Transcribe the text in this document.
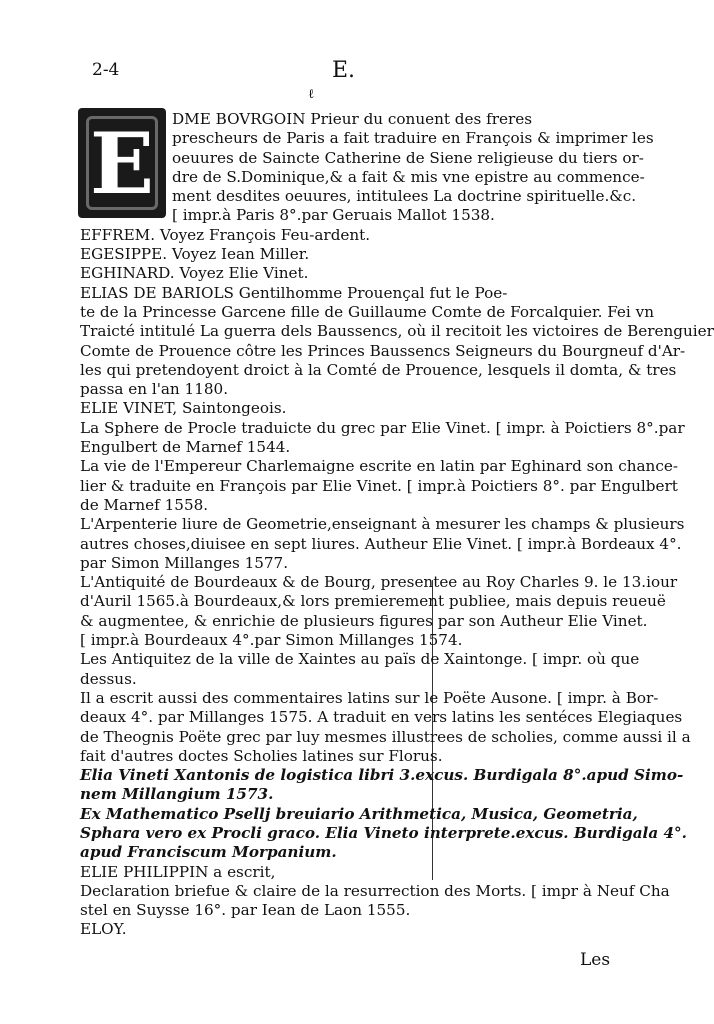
2-4	E.
ℓ
E	DME BOVRGOIN Prieur du conuent des freres
prescheurs de Paris a fait traduire en François & imprimer les
oeuures de Saincte Catherine de Siene religieuse du tiers or-
dre de S.Dominique,& a fait & mis vne epistre au commence-
ment desdites oeuures, intitulees La doctrine spirituelle.&c.
[ impr.à Paris 8°.par Geruais Mallot 1538.
EFFREM. Voyez François Feu-ardent.
EGESIPPE. Voyez Iean Miller.
EGHINARD. Voyez Elie Vinet.
ELIAS DE BARIOLS Gentilhomme Prouençal fut le Poe-
te de la Princesse Garcene fille de Guillaume Comte de Forcalquier. Fei vn
Traicté intitulé La guerra dels Baussencs, où il recitoit les victoires de Berenguier
Comte de Prouence côtre les Princes Baussencs Seigneurs du Bourgneuf d'Ar-
les qui pretendoyent droict à la Comté de Prouence, lesquels il domta, & tres
passa en l'an 1180.
ELIE VINET, Saintongeois.
La Sphere de Procle traduicte du grec par Elie Vinet. [ impr. à Poictiers 8°.par
Engulbert de Marnef 1544.
La vie de l'Empereur Charlemaigne escrite en latin par Eghinard son chance-
lier & traduite en François par Elie Vinet. [ impr.à Poictiers 8°. par Engulbert
de Marnef 1558.
L'Arpenterie liure de Geometrie,enseignant à mesurer les champs & plusieurs
autres choses,diuisee en sept liures. Autheur Elie Vinet. [ impr.à Bordeaux 4°.
par Simon Millanges 1577.
L'Antiquité de Bourdeaux & de Bourg, presentee au Roy Charles 9. le 13.iour
d'Auril 1565.à Bourdeaux,& lors premierement publiee, mais depuis reueuë
& augmentee, & enrichie de plusieurs figures par son Autheur Elie Vinet.
[ impr.à Bourdeaux 4°.par Simon Millanges 1574.
Les Antiquitez de la ville de Xaintes au païs de Xaintonge. [ impr. où que
dessus.
Il a escrit aussi des commentaires latins sur le Poëte Ausone. [ impr. à Bor-
deaux 4°. par Millanges 1575. A traduit en vers latins les sentéces Elegiaques
de Theognis Poëte grec par luy mesmes illustrees de scholies, comme aussi il a
fait d'autres doctes Scholies latines sur Florus.
Elia Vineti Xantonis de logistica libri 3.excus. Burdigala 8°.apud Simo-
nem Millangium 1573.
Ex Mathematico Psellj breuiario Arithmetica, Musica, Geometria,
Sphara vero ex Procli graco. Elia Vineto interprete.excus. Burdigala 4°.
apud Franciscum Morpanium.
ELIE PHILIPPIN a escrit,
Declaration briefue & claire de la resurrection des Morts. [ impr à Neuf Cha
stel en Suysse 16°. par Iean de Laon 1555.
ELOY.
Les
